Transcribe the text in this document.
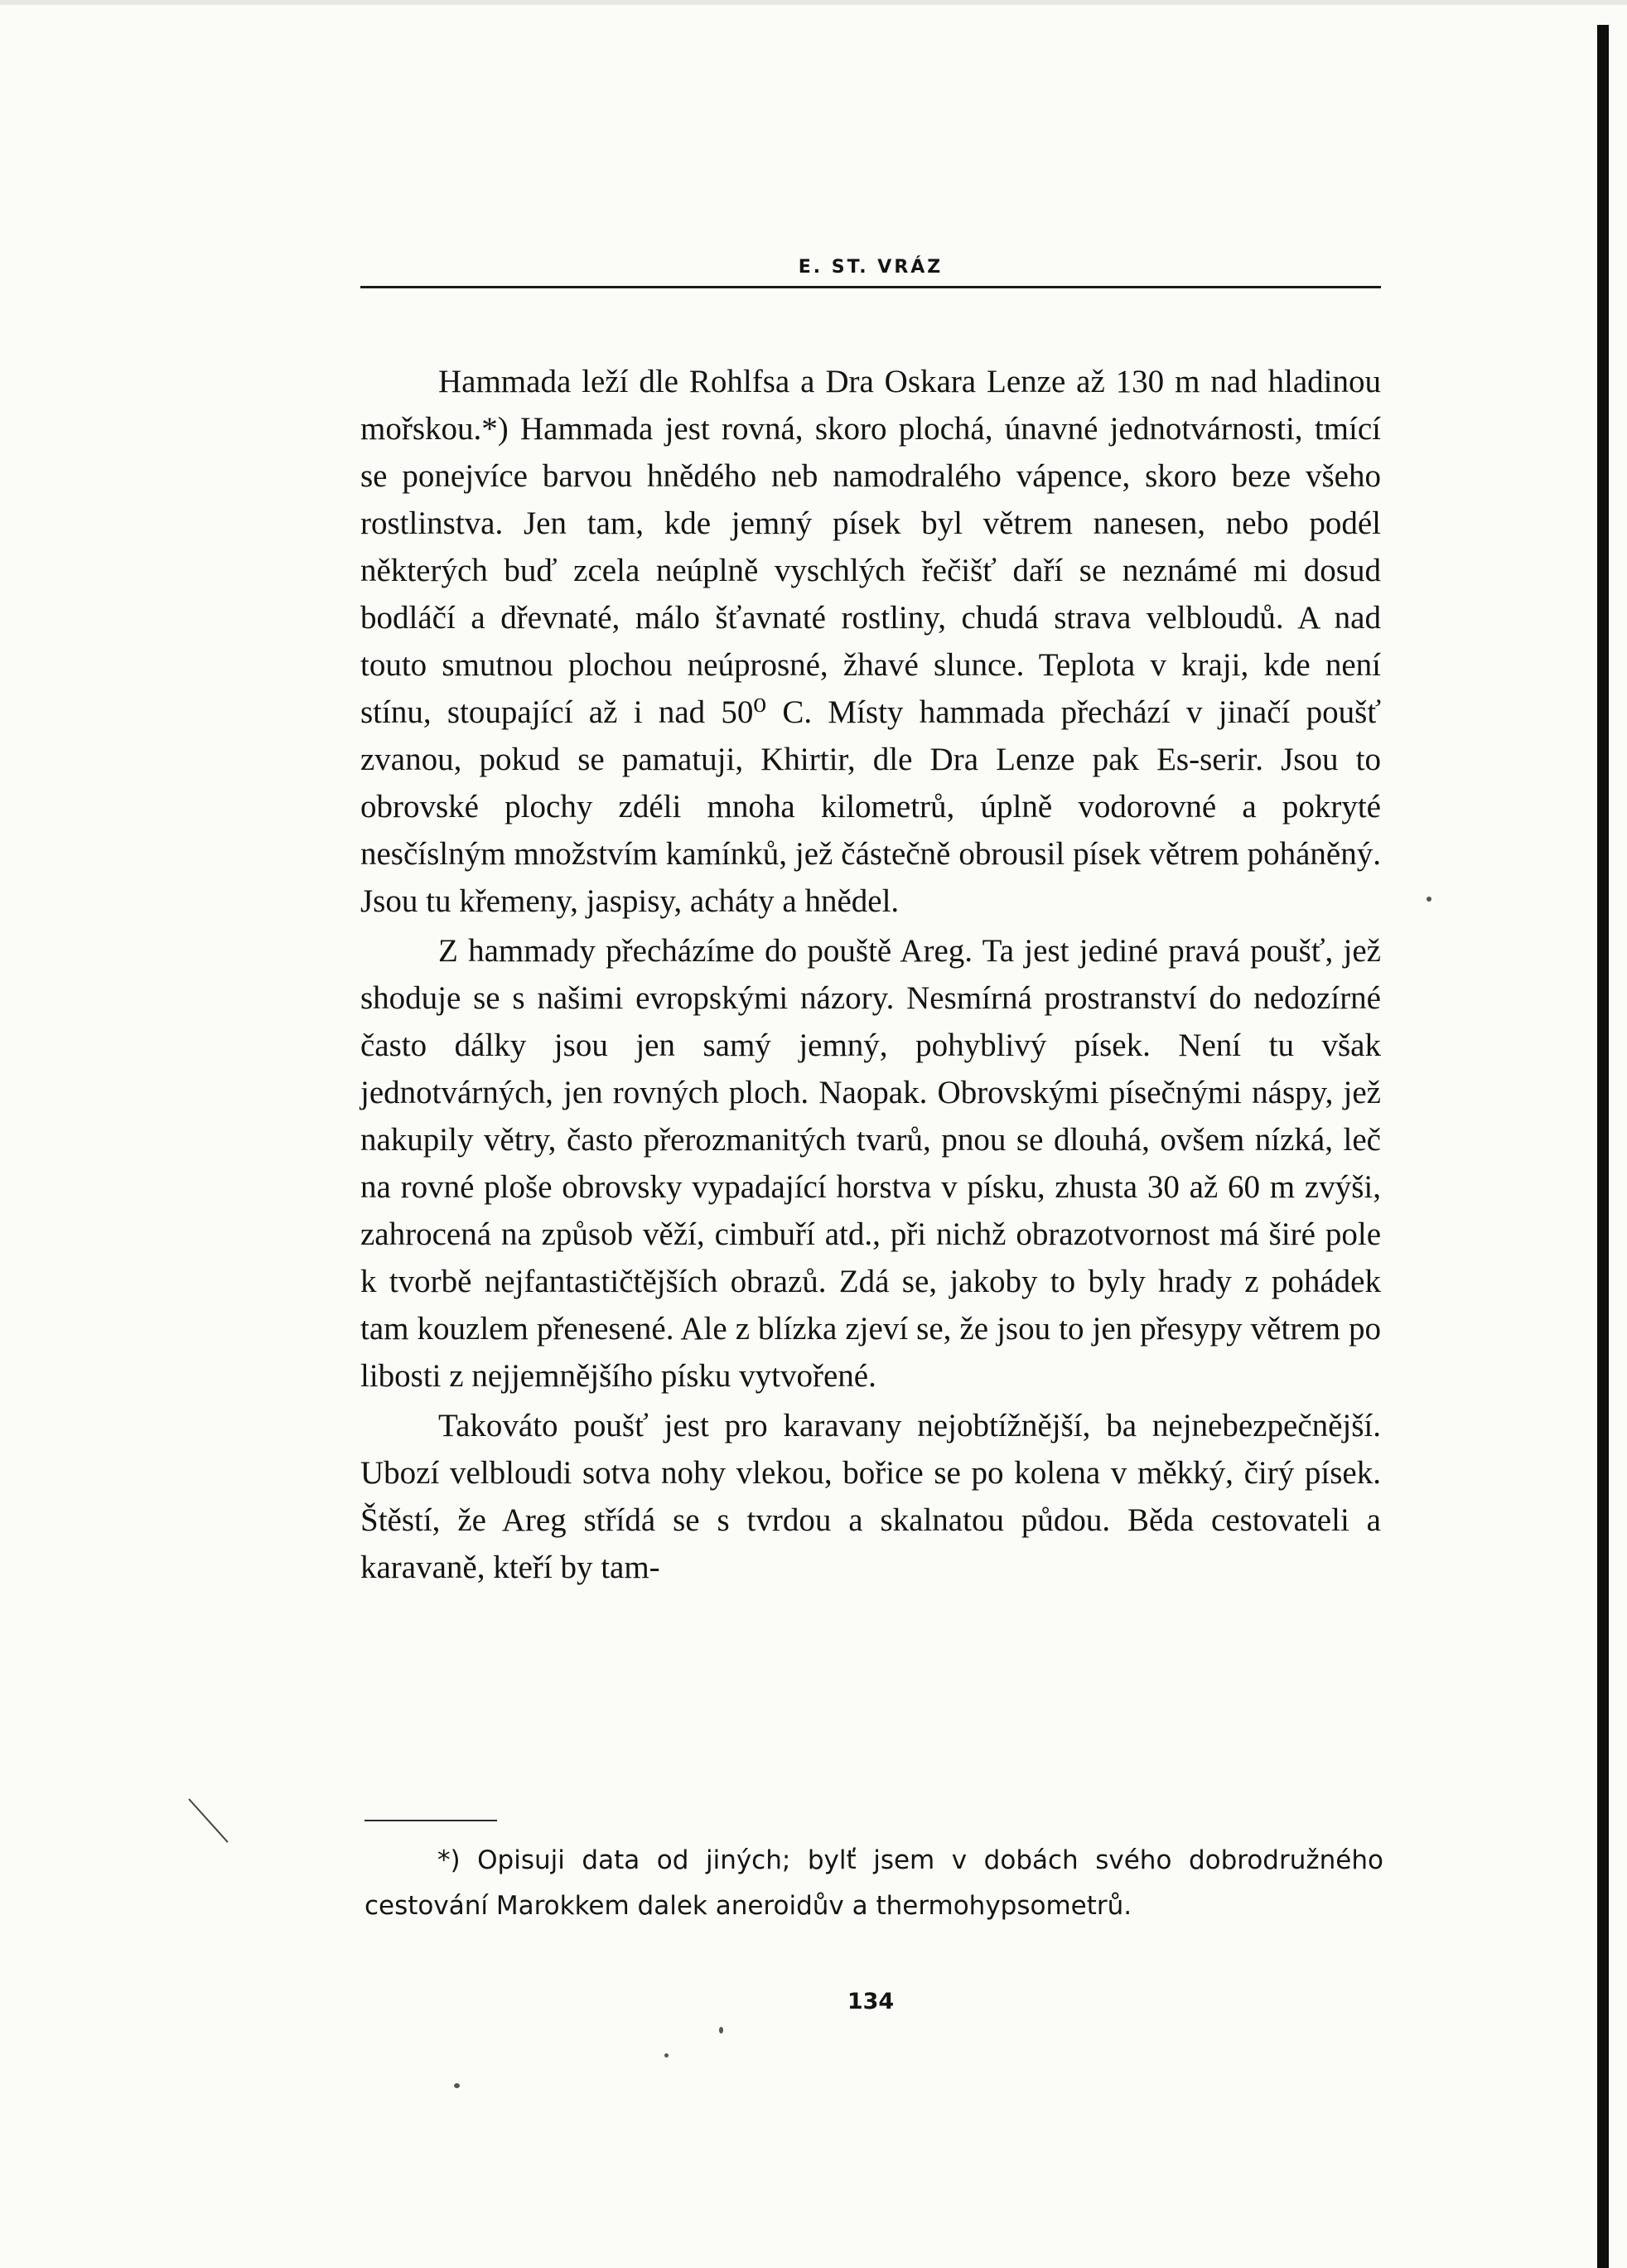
E. ST. VRÁZ

Hammada leží dle Rohlfsa a Dra Oskara Lenze až 130 m nad hladinou mořskou.*) Hammada jest rovná, skoro plochá, únavné jednotvárnosti, tmící se ponejvíce barvou hnědého neb namodralého vápence, skoro beze všeho rostlinstva. Jen tam, kde jemný písek byl větrem nanesen, nebo podél některých buď zcela neúplně vyschlých řečišť daří se neznámé mi dosud bodláčí a dřevnaté, málo šťavnaté rostliny, chudá strava velbloudů. A nad touto smutnou plochou neúprosné, žhavé slunce. Teplota v kraji, kde není stínu, stoupající až i nad 50⁰ C. Místy hammada přechází v jinačí poušť zvanou, pokud se pamatuji, Khirtir, dle Dra Lenze pak Es-serir. Jsou to obrovské plochy zdéli mnoha kilometrů, úplně vodorovné a pokryté nesčíslným množstvím kamínků, jež částečně obrousil písek větrem poháněný. Jsou tu křemeny, jaspisy, acháty a hnědel.

Z hammady přecházíme do pouště Areg. Ta jest jediné pravá poušť, jež shoduje se s našimi evropskými názory. Nesmírná prostranství do nedozírné často dálky jsou jen samý jemný, pohyblivý písek. Není tu však jednotvárných, jen rovných ploch. Naopak. Obrovskými písečnými náspy, jež nakupily větry, často přerozmanitých tvarů, pnou se dlouhá, ovšem nízká, leč na rovné ploše obrovsky vypadající horstva v písku, zhusta 30 až 60 m zvýši, zahrocená na způsob věží, cimbuří atd., při nichž obrazotvornost má širé pole k tvorbě nejfantastičtějších obrazů. Zdá se, jakoby to byly hrady z pohádek tam kouzlem přenesené. Ale z blízka zjeví se, že jsou to jen přesypy větrem po libosti z nejjemnějšího písku vytvořené.

Takováto poušť jest pro karavany nejobtížnější, ba nejnebezpečnější. Ubozí velbloudi sotva nohy vlekou, bořice se po kolena v měkký, čirý písek. Štěstí, že Areg střídá se s tvrdou a skalnatou půdou. Běda cestovateli a karavaně, kteří by tam-

*) Opisuji data od jiných; bylť jsem v dobách svého dobrodružného cestování Marokkem dalek aneroidův a thermohypsometrů.

134
